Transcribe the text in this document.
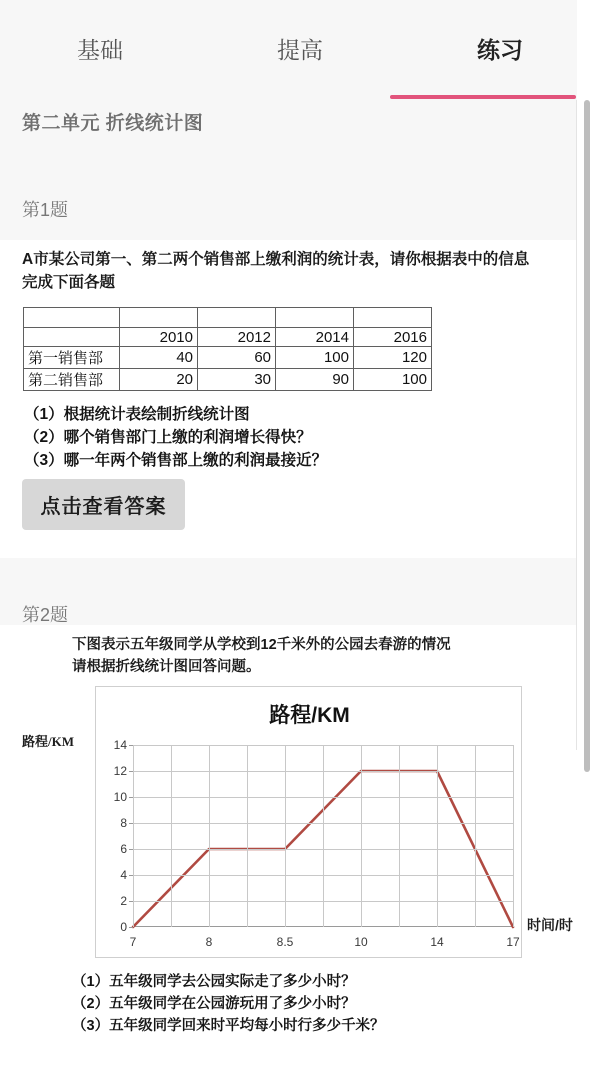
基础	提高	练习
第二单元 折线统计图
第1题
A市某公司第一、第二两个销售部上缴利润的统计表，请你根据表中的信息
完成下面各题

	2010	2012	2014	2016
第一销售部	40	60	100	120
第二销售部	20	30	90	100
（1）根据统计表绘制折线统计图
（2）哪个销售部门上缴的利润增长得快？
（3）哪一年两个销售部上缴的利润最接近？
点击查看答案
第2题
下图表示五年级同学从学校到12千米外的公园去春游的情况
请根据折线统计图回答问题。
路程/KM
路程/KM
0
2
4
6
8
10
12
14
7	8	8.5	10	14	17
时间/时
（1）五年级同学去公园实际走了多少小时？
（2）五年级同学在公园游玩用了多少小时？
（3）五年级同学回来时平均每小时行多少千米？
